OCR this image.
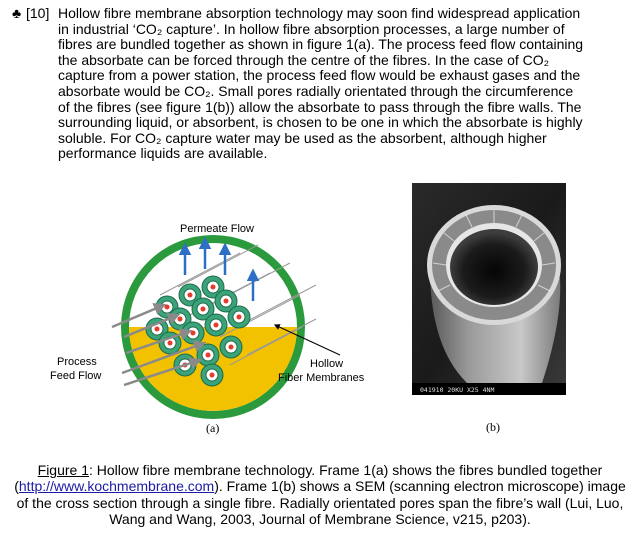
♣ [10] Hollow fibre membrane absorption technology may soon find widespread application
in industrial ‘CO₂ capture’. In hollow fibre absorption processes, a large number of
fibres are bundled together as shown in figure 1(a). The process feed flow containing
the absorbate can be forced through the centre of the fibres. In the case of CO₂
capture from a power station, the process feed flow would be exhaust gases and the
absorbate would be CO₂. Small pores radially orientated through the circumference
of the fibres (see figure 1(b)) allow the absorbate to pass through the fibre walls. The
surrounding liquid, or absorbent, is chosen to be one in which the absorbate is highly
soluble. For CO₂ capture water may be used as the absorbent, although higher
performance liquids are available.
Permeate Flow
Process
Feed Flow
Hollow
Fiber Membranes
(a)
041910 20KU X25 4NM
(b)
Figure 1: Hollow fibre membrane technology. Frame 1(a) shows the fibres bundled together (http://www.kochmembrane.com). Frame 1(b) shows a SEM (scanning electron microscope) image of the cross section through a single fibre. Radially orientated pores span the fibre’s wall (Lui, Luo, Wang and Wang, 2003, Journal of Membrane Science, v215, p203).
